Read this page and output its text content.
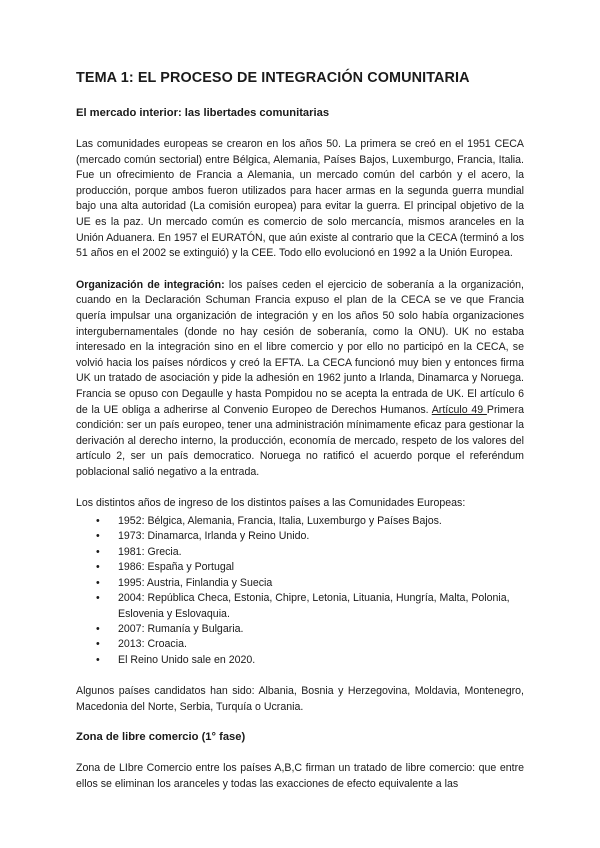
TEMA 1: EL PROCESO DE INTEGRACIÓN COMUNITARIA
El mercado interior: las libertades comunitarias

Las comunidades europeas se crearon en los años 50. La primera se creó en el 1951 CECA (mercado común sectorial) entre Bélgica, Alemania, Países Bajos, Luxemburgo, Francia, Italia. Fue un ofrecimiento de Francia a Alemania, un mercado común del carbón y el acero, la producción, porque ambos fueron utilizados para hacer armas en la segunda guerra mundial bajo una alta autoridad (La comisión europea) para evitar la guerra. El principal objetivo de la UE es la paz. Un mercado común es comercio de solo mercancía, mismos aranceles en la Unión Aduanera. En 1957 el EURATÓN, que aún existe al contrario que la CECA (terminó a los 51 años en el 2002 se extinguió) y la CEE. Todo ello evolucionó en 1992 a la Unión Europea.

Organización de integración: los países ceden el ejercicio de soberanía a la organización, cuando en la Declaración Schuman Francia expuso el plan de la CECA se ve que Francia quería impulsar una organización de integración y en los años 50 solo había organizaciones intergubernamentales (donde no hay cesión de soberanía, como la ONU). UK no estaba interesado en la integración sino en el libre comercio y por ello no participó en la CECA, se volvió hacia los países nórdicos y creó la EFTA. La CECA funcionó muy bien y entonces firma UK un tratado de asociación y pide la adhesión en 1962 junto a Irlanda, Dinamarca y Noruega. Francia se opuso con Degaulle y hasta Pompidou no se acepta la entrada de UK. El artículo 6 de la UE obliga a adherirse al Convenio Europeo de Derechos Humanos. Artículo 49 Primera condición: ser un país europeo, tener una administración mínimamente eficaz para gestionar la derivación al derecho interno, la producción, economía de mercado, respeto de los valores del artículo 2, ser un país democratico. Noruega no ratificó el acuerdo porque el referéndum poblacional salió negativo a la entrada.

Los distintos años de ingreso de los distintos países a las Comunidades Europeas:

• 1952: Bélgica, Alemania, Francia, Italia, Luxemburgo y Países Bajos.
• 1973: Dinamarca, Irlanda y Reino Unido.
• 1981: Grecia.
• 1986: España y Portugal
• 1995: Austria, Finlandia y Suecia
• 2004: República Checa, Estonia, Chipre, Letonia, Lituania, Hungría, Malta, Polonia, Eslovenia y Eslovaquia.
• 2007: Rumanía y Bulgaria.
• 2013: Croacia.
• El Reino Unido sale en 2020.

Algunos países candidatos han sido: Albania, Bosnia y Herzegovina, Moldavia, Montenegro, Macedonia del Norte, Serbia, Turquía o Ucrania.

Zona de libre comercio (1° fase)

Zona de LIbre Comercio entre los países A,B,C firman un tratado de libre comercio: que entre ellos se eliminan los aranceles y todas las exacciones de efecto equivalente a las
